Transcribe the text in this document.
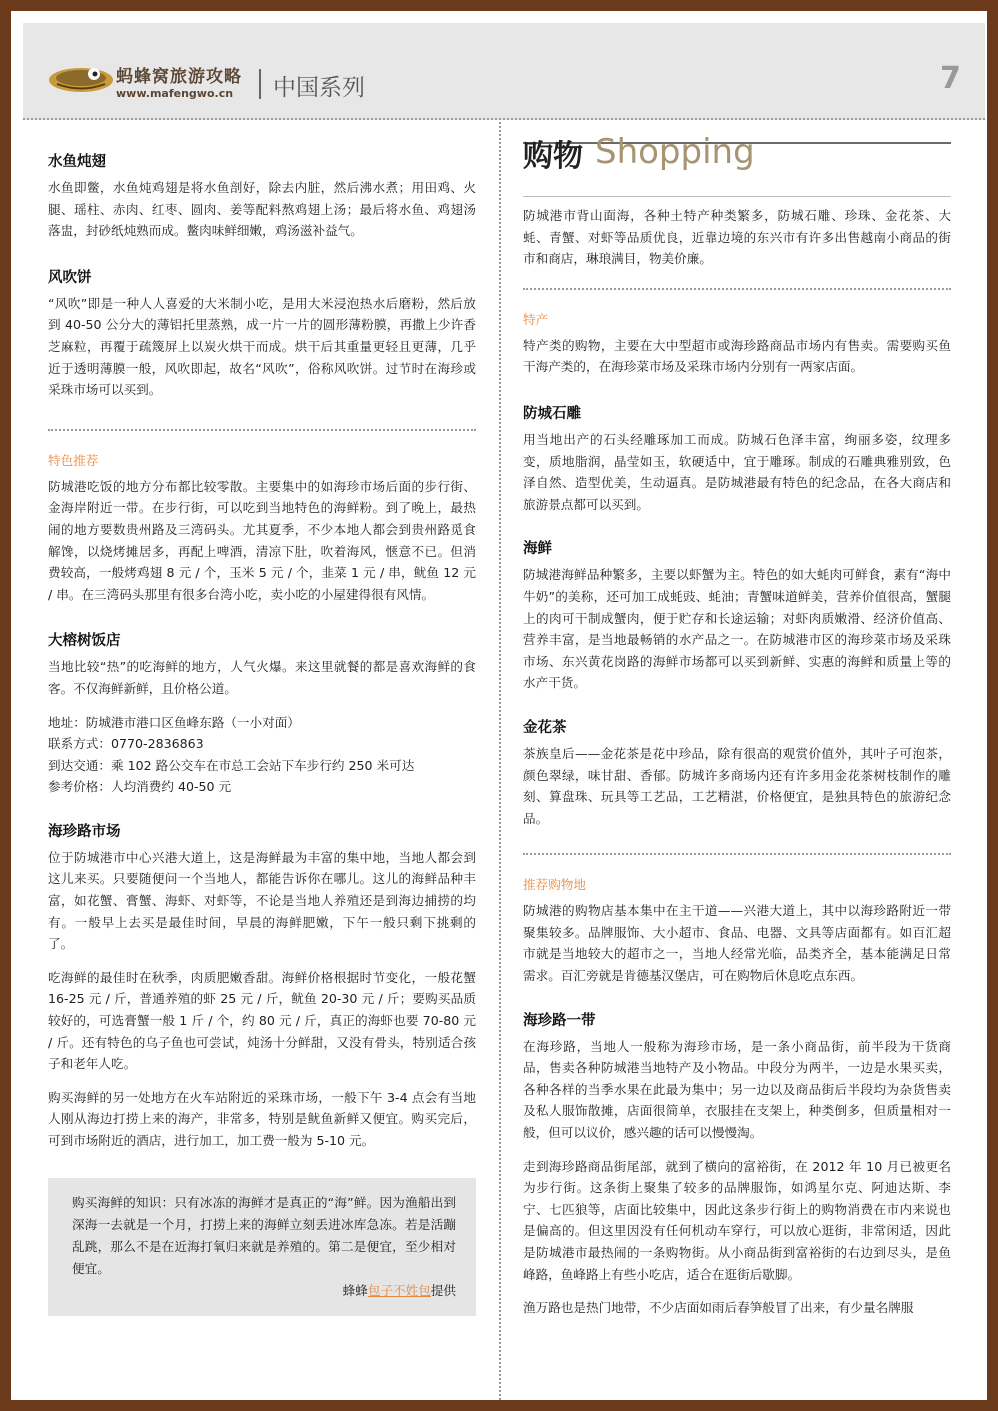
蚂蜂窝旅游攻略
www.mafengwo.cn 中国系列	7
水鱼炖翅

水鱼即鳖，水鱼炖鸡翅是将水鱼剖好，除去内脏，然后沸水煮；用田鸡、火腿、瑶柱、赤肉、红枣、圆肉、姜等配料熬鸡翅上汤；最后将水鱼、鸡翅汤落盅，封砂纸炖熟而成。鳖肉味鲜细嫩，鸡汤滋补益气。

风吹饼

“风吹”即是一种人人喜爱的大米制小吃，是用大米浸泡热水后磨粉，然后放到 40-50 公分大的薄铝托里蒸熟，成一片一片的圆形薄粉膜，再撒上少许香芝麻粒，再覆于疏篾屏上以炭火烘干而成。烘干后其重量更轻且更薄，几乎近于透明薄膜一般，风吹即起，故名“风吹”，俗称风吹饼。过节时在海珍或采珠市场可以买到。

特色推荐

防城港吃饭的地方分布都比较零散。主要集中的如海珍市场后面的步行街、金海岸附近一带。在步行街，可以吃到当地特色的海鲜粉。到了晚上，最热闹的地方要数贵州路及三湾码头。尤其夏季，不少本地人都会到贵州路觅食解馋，以烧烤摊居多，再配上啤酒，清凉下肚，吹着海风，惬意不已。但消费较高，一般烤鸡翅 8 元 / 个，玉米 5 元 / 个，韭菜 1 元 / 串，鱿鱼 12 元 / 串。在三湾码头那里有很多台湾小吃，卖小吃的小屋建得很有风情。

大榕树饭店

当地比较“热”的吃海鲜的地方，人气火爆。来这里就餐的都是喜欢海鲜的食客。不仅海鲜新鲜，且价格公道。

地址：防城港市港口区鱼峰东路（一小对面）

联系方式：0770-2836863

到达交通：乘 102 路公交车在市总工会站下车步行约 250 米可达

参考价格：人均消费约 40-50 元

海珍路市场

位于防城港市中心兴港大道上，这是海鲜最为丰富的集中地，当地人都会到这儿来买。只要随便问一个当地人，都能告诉你在哪儿。这儿的海鲜品种丰富，如花蟹、膏蟹、海虾、对虾等，不论是当地人养殖还是到海边捕捞的均有。一般早上去买是最佳时间，早晨的海鲜肥嫩，下午一般只剩下挑剩的了。

吃海鲜的最佳时在秋季，肉质肥嫩香甜。海鲜价格根据时节变化，一般花蟹 16-25 元 / 斤，普通养殖的虾 25 元 / 斤，鱿鱼 20-30 元 / 斤；要购买品质较好的，可选膏蟹一般 1 斤 / 个，约 80 元 / 斤，真正的海虾也要 70-80 元 / 斤。还有特色的乌子鱼也可尝试，炖汤十分鲜甜，又没有骨头，特别适合孩子和老年人吃。

购买海鲜的另一处地方在火车站附近的采珠市场，一般下午 3-4 点会有当地人刚从海边打捞上来的海产，非常多，特别是鱿鱼新鲜又便宜。购买完后，可到市场附近的酒店，进行加工，加工费一般为 5-10 元。

购买海鲜的知识：只有冰冻的海鲜才是真正的“海”鲜。因为渔船出到深海一去就是一个月，打捞上来的海鲜立刻丢进冰库急冻。若是活蹦乱跳，那么不是在近海打氧归来就是养殖的。第二是便宜，至少相对便宜。

蜂蜂包子不姓包提供

购物 Shopping

防城港市背山面海，各种土特产种类繁多，防城石雕、珍珠、金花茶、大蚝、青蟹、对虾等品质优良，近靠边境的东兴市有许多出售越南小商品的街市和商店，琳琅满目，物美价廉。

特产

特产类的购物，主要在大中型超市或海珍路商品市场内有售卖。需要购买鱼干海产类的，在海珍菜市场及采珠市场内分别有一两家店面。

防城石雕

用当地出产的石头经雕琢加工而成。防城石色泽丰富，绚丽多姿，纹理多变，质地脂润，晶莹如玉，软硬适中，宜于雕琢。制成的石雕典雅别致，色泽自然、造型优美，生动逼真。是防城港最有特色的纪念品，在各大商店和旅游景点都可以买到。

海鲜

防城港海鲜品种繁多，主要以虾蟹为主。特色的如大蚝肉可鲜食，素有“海中牛奶”的美称，还可加工成蚝豉、蚝油；青蟹味道鲜美，营养价值很高，蟹腿上的肉可干制成蟹肉，便于贮存和长途运输；对虾肉质嫩滑、经济价值高、营养丰富，是当地最畅销的水产品之一。在防城港市区的海珍菜市场及采珠市场、东兴黄花岗路的海鲜市场都可以买到新鲜、实惠的海鲜和质量上等的水产干货。

金花茶

茶族皇后——金花茶是花中珍品，除有很高的观赏价值外，其叶子可泡茶，颜色翠绿，味甘甜、香郁。防城许多商场内还有许多用金花茶树枝制作的雕刻、算盘珠、玩具等工艺品，工艺精湛，价格便宜，是独具特色的旅游纪念品。

推荐购物地

防城港的购物店基本集中在主干道——兴港大道上，其中以海珍路附近一带聚集较多。品牌服饰、大小超市、食品、电器、文具等店面都有。如百汇超市就是当地较大的超市之一，当地人经常光临，品类齐全，基本能满足日常需求。百汇旁就是肯德基汉堡店，可在购物后休息吃点东西。

海珍路一带

在海珍路，当地人一般称为海珍市场，是一条小商品街，前半段为干货商品，售卖各种防城港当地特产及小物品。中段分为两半，一边是水果买卖，各种各样的当季水果在此最为集中；另一边以及商品街后半段均为杂货售卖及私人服饰散摊，店面很简单，衣服挂在支架上，种类倒多，但质量相对一般，但可以议价，感兴趣的话可以慢慢淘。

走到海珍路商品街尾部，就到了横向的富裕街，在 2012 年 10 月已被更名为步行街。这条街上聚集了较多的品牌服饰，如鸿星尔克、阿迪达斯、李宁、七匹狼等，店面比较集中，因此这条步行街上的购物消费在市内来说也是偏高的。但这里因没有任何机动车穿行，可以放心逛街，非常闲适，因此是防城港市最热闹的一条购物街。从小商品街到富裕街的右边到尽头，是鱼峰路，鱼峰路上有些小吃店，适合在逛街后歇脚。

渔万路也是热门地带，不少店面如雨后春笋般冒了出来，有少量名牌服
